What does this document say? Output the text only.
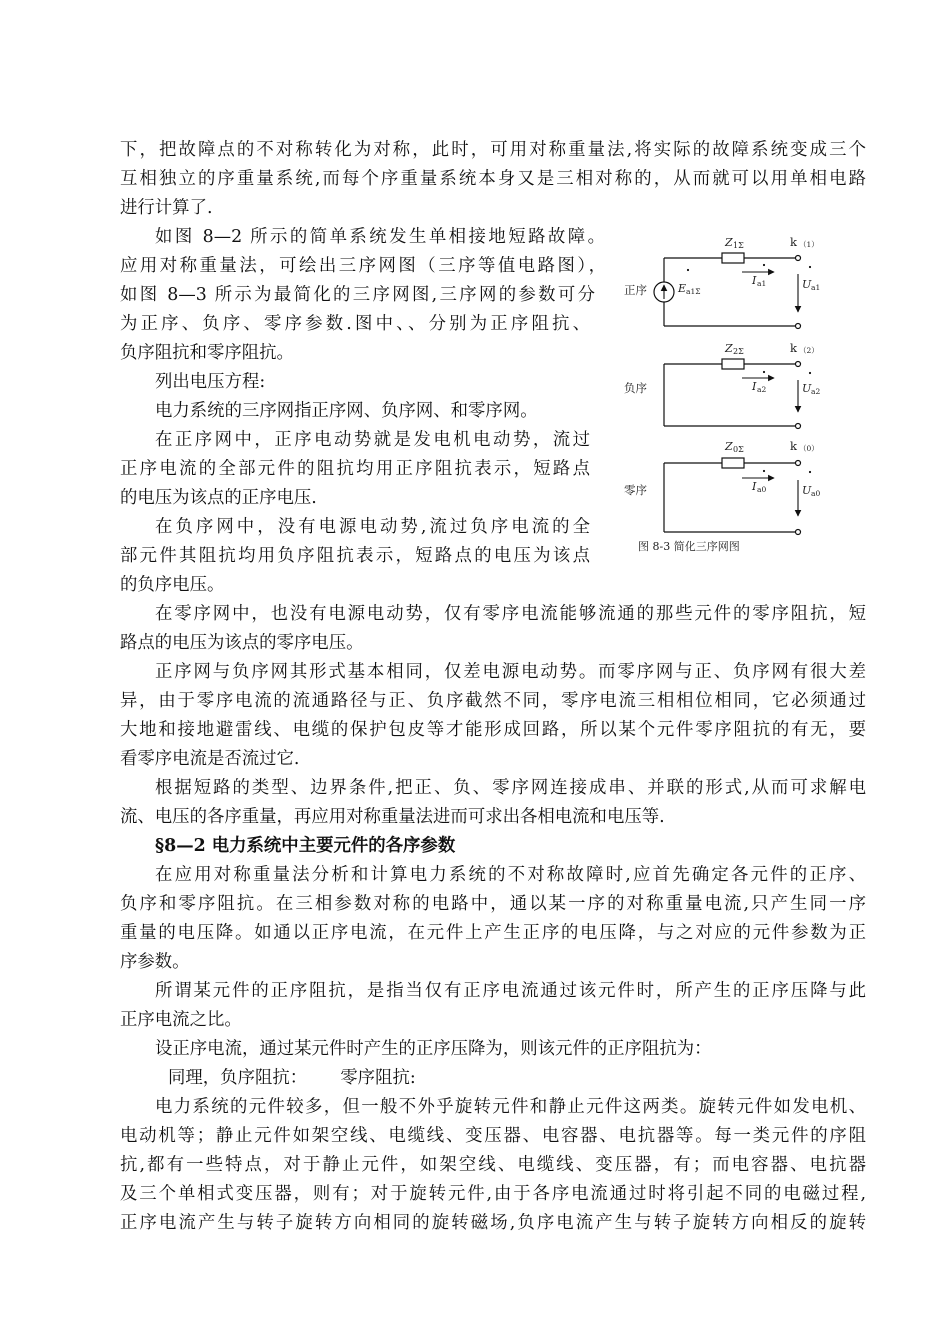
下，把故障点的不对称转化为对称，此时，可用对称重量法,将实际的故障系统变成三个
互相独立的序重量系统,而每个序重量系统本身又是三相对称的，从而就可以用单相电路
进行计算了.
如图 8—2 所示的简单系统发生单相接地短路故障。
应用对称重量法，可绘出三序网图（三序等值电路图），
如图 8—3 所示为最简化的三序网图,三序网的参数可分
为正序、负序、零序参数.图中、、分别为正序阻抗、
负序阻抗和零序阻抗。
列出电压方程:
电力系统的三序网指正序网、负序网、和零序网。
在正序网中，正序电动势就是发电机电动势，流过
正序电流的全部元件的阻抗均用正序阻抗表示，短路点
的电压为该点的正序电压.
在负序网中，没有电源电动势,流过负序电流的全
部元件其阻抗均用负序阻抗表示，短路点的电压为该点
的负序电压。
在零序网中，也没有电源电动势，仅有零序电流能够流通的那些元件的零序阻抗，短
路点的电压为该点的零序电压。
正序网与负序网其形式基本相同，仅差电源电动势。而零序网与正、负序网有很大差
异，由于零序电流的流通路径与正、负序截然不同，零序电流三相相位相同，它必须通过
大地和接地避雷线、电缆的保护包皮等才能形成回路，所以某个元件零序阻抗的有无，要
看零序电流是否流过它.
根据短路的类型、边界条件,把正、负、零序网连接成串、并联的形式,从而可求解电
流、电压的各序重量，再应用对称重量法进而可求出各相电流和电压等.
§8—2 电力系统中主要元件的各序参数
在应用对称重量法分析和计算电力系统的不对称故障时,应首先确定各元件的正序、
负序和零序阻抗。在三相参数对称的电路中，通以某一序的对称重量电流,只产生同一序
重量的电压降。如通以正序电流，在元件上产生正序的电压降，与之对应的元件参数为正
序参数。
所谓某元件的正序阻抗，是指当仅有正序电流通过该元件时，所产生的正序压降与此
正序电流之比。
设正序电流，通过某元件时产生的正序压降为，则该元件的正序阻抗为：
同理，负序阻抗：      零序阻抗:
电力系统的元件较多，但一般不外乎旋转元件和静止元件这两类。旋转元件如发电机、
电动机等；静止元件如架空线、电缆线、变压器、电容器、电抗器等。每一类元件的序阻
抗,都有一些特点，对于静止元件，如架空线、电缆线、变压器，有；而电容器、电抗器
及三个单相式变压器，则有；对于旋转元件,由于各序电流通过时将引起不同的电磁过程,
正序电流产生与转子旋转方向相同的旋转磁场,负序电流产生与转子旋转方向相反的旋转
正序
Z 1Σ	k （1）
I a1	U a1
E a1Σ
负序
Z 2Σ	k （2）
I a2	U a2
零序
Z 0Σ	k （0）
I a0	U a0
图 8-3 简化三序网图
